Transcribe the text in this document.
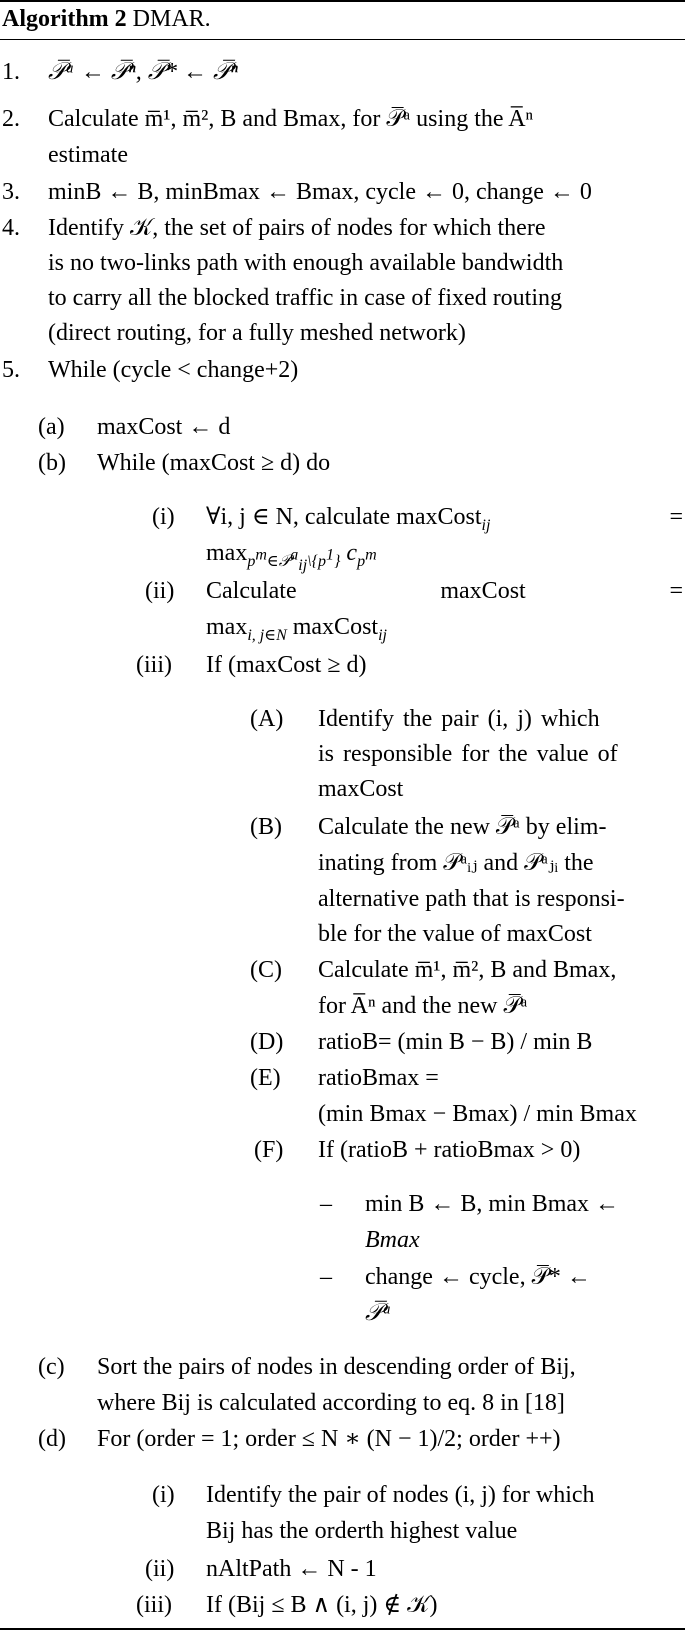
Algorithm 2 DMAR.
1. 𝒫̅ᵃ ← 𝒫̅ⁿ, 𝒫̅* ← 𝒫̅ⁿ
2. Calculate m̅¹, m̅², B and Bmax, for 𝒫̅ᵃ using the A̅ⁿ
estimate
3. minB ← B, minBmax ← Bmax, cycle ← 0, change ← 0
4. Identify 𝒦, the set of pairs of nodes for which there
is no two-links path with enough available bandwidth
to carry all the blocked traffic in case of fixed routing
(direct routing, for a fully meshed network)
5. While (cycle < change+2)
(a) maxCost ← d
(b) While (maxCost ≥ d) do
(i) ∀i, j ∈ N, calculate maxCost$_{ij}$	=
$\max_{p^m\in 𝒫^a_{ij}\backslash\{p^1\}} c_{p^m}$
(ii) Calculate	maxCost	=
$\max_{i, j\in N}$ maxCost$_{ij}$
(iii) If (maxCost ≥ d)
(A) Identify the pair (i, j) which
is responsible for the value of
maxCost
(B) Calculate the new 𝒫̅ᵃ by elim-
inating from 𝒫ᵃᵢⱼ and 𝒫ᵃⱼᵢ the
alternative path that is responsi-
ble for the value of maxCost
(C) Calculate m̅¹, m̅², B and Bmax,
for A̅ⁿ and the new 𝒫̅ᵃ
(D) ratioB= (min B − B) / min B
(E) ratioBmax =
(min Bmax − Bmax) / min Bmax
(F) If (ratioB + ratioBmax > 0)
– min B ← B, min Bmax ←
Bmax
– change ← cycle, 𝒫̅* ←
𝒫̅ᵃ
(c) Sort the pairs of nodes in descending order of Bij,
where Bij is calculated according to eq. 8 in [18]
(d) For (order = 1; order ≤ N ∗ (N − 1)/2; order ++)
(i) Identify the pair of nodes (i, j) for which
Bij has the orderth highest value
(ii) nAltPath ← N - 1
(iii) If (Bij ≤ B ∧ (i, j) ∉ 𝒦)
